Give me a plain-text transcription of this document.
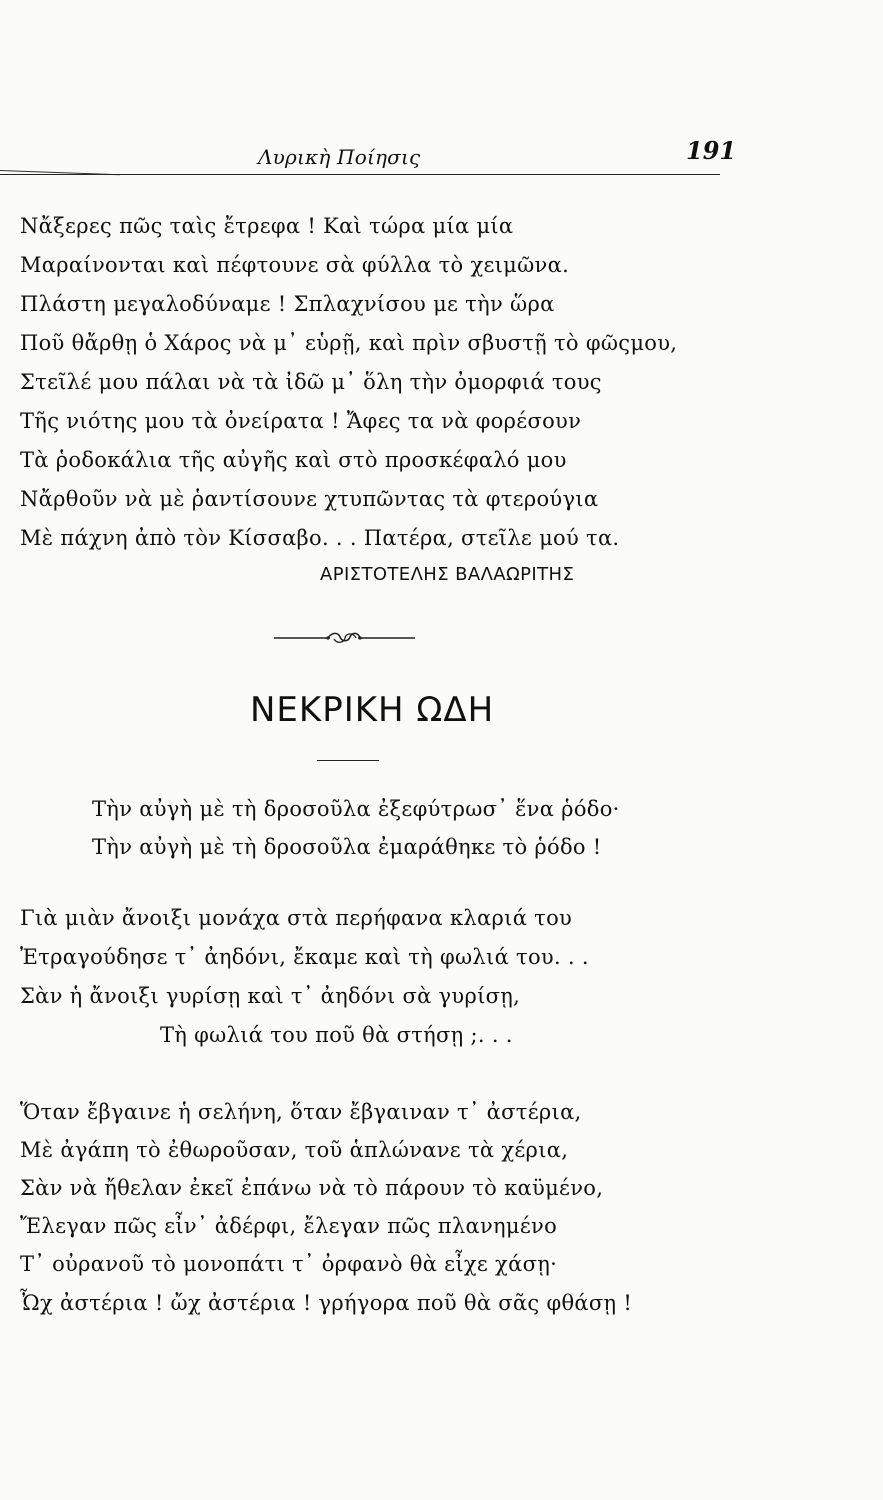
Λυρικὴ Ποίησις	191
Νἄξερες πῶς ταὶς ἔτρεφα ! Καὶ τώρα μία μία
Μαραίνονται καὶ πέφτουνε σὰ φύλλα τὸ χειμῶνα.
Πλάστη μεγαλοδύναμε ! Σπλαχνίσου με τὴν ὥρα
Ποῦ θἄρθῃ ὁ Χάρος νὰ μ᾽ εὑρῇ, καὶ πρὶν σβυστῇ τὸ φῶςμου,
Στεῖλέ μου πάλαι νὰ τὰ ἰδῶ μ᾽ ὅλη τὴν ὀμορφιά τους
Τῆς νιότης μου τὰ ὀνείρατα ! Ἄφες τα νὰ φορέσουν
Τὰ ῥοδοκάλια τῆς αὐγῆς καὶ στὸ προσκέφαλό μου
Νἄρθοῦν νὰ μὲ ῥαντίσουνε χτυπῶντας τὰ φτερούγια
Μὲ πάχνη ἀπὸ τὸν Κίσσαβο. . . Πατέρα, στεῖλε μού τα.
ΑΡΙΣΤΟΤΕΛΗΣ ΒΑΛΑΩΡΙΤΗΣ
ΝΕΚΡΙΚΗ ΩΔΗ
Τὴν αὐγὴ μὲ τὴ δροσοῦλα ἐξεφύτρωσ᾽ ἕνα ῥόδο·
Τὴν αὐγὴ μὲ τὴ δροσοῦλα ἐμαράθηκε τὸ ῥόδο !
Γιὰ μιὰν ἄνοιξι μονάχα στὰ περήφανα κλαριά του
Ἐτραγούδησε τ᾽ ἀηδόνι, ἔκαμε καὶ τὴ φωλιά του. . .
Σὰν ἡ ἄνοιξι γυρίσῃ καὶ τ᾽ ἀηδόνι σὰ γυρίσῃ,
Τὴ φωλιά του ποῦ θὰ στήσῃ ;. . .
Ὅταν ἔβγαινε ἡ σελήνη, ὅταν ἔβγαιναν τ᾽ ἀστέρια,
Μὲ ἀγάπη τὸ ἐθωροῦσαν, τοῦ ἁπλώνανε τὰ χέρια,
Σὰν νὰ ἤθελαν ἐκεῖ ἐπάνω νὰ τὸ πάρουν τὸ καϋμένο,
Ἔλεγαν πῶς εἶν᾽ ἀδέρφι, ἔλεγαν πῶς πλανημένο
Τ᾽ οὐρανοῦ τὸ μονοπάτι τ᾽ ὀρφανὸ θὰ εἶχε χάσῃ·
Ὦχ ἀστέρια ! ὤχ ἀστέρια ! γρήγορα ποῦ θὰ σᾶς φθάσῃ !
